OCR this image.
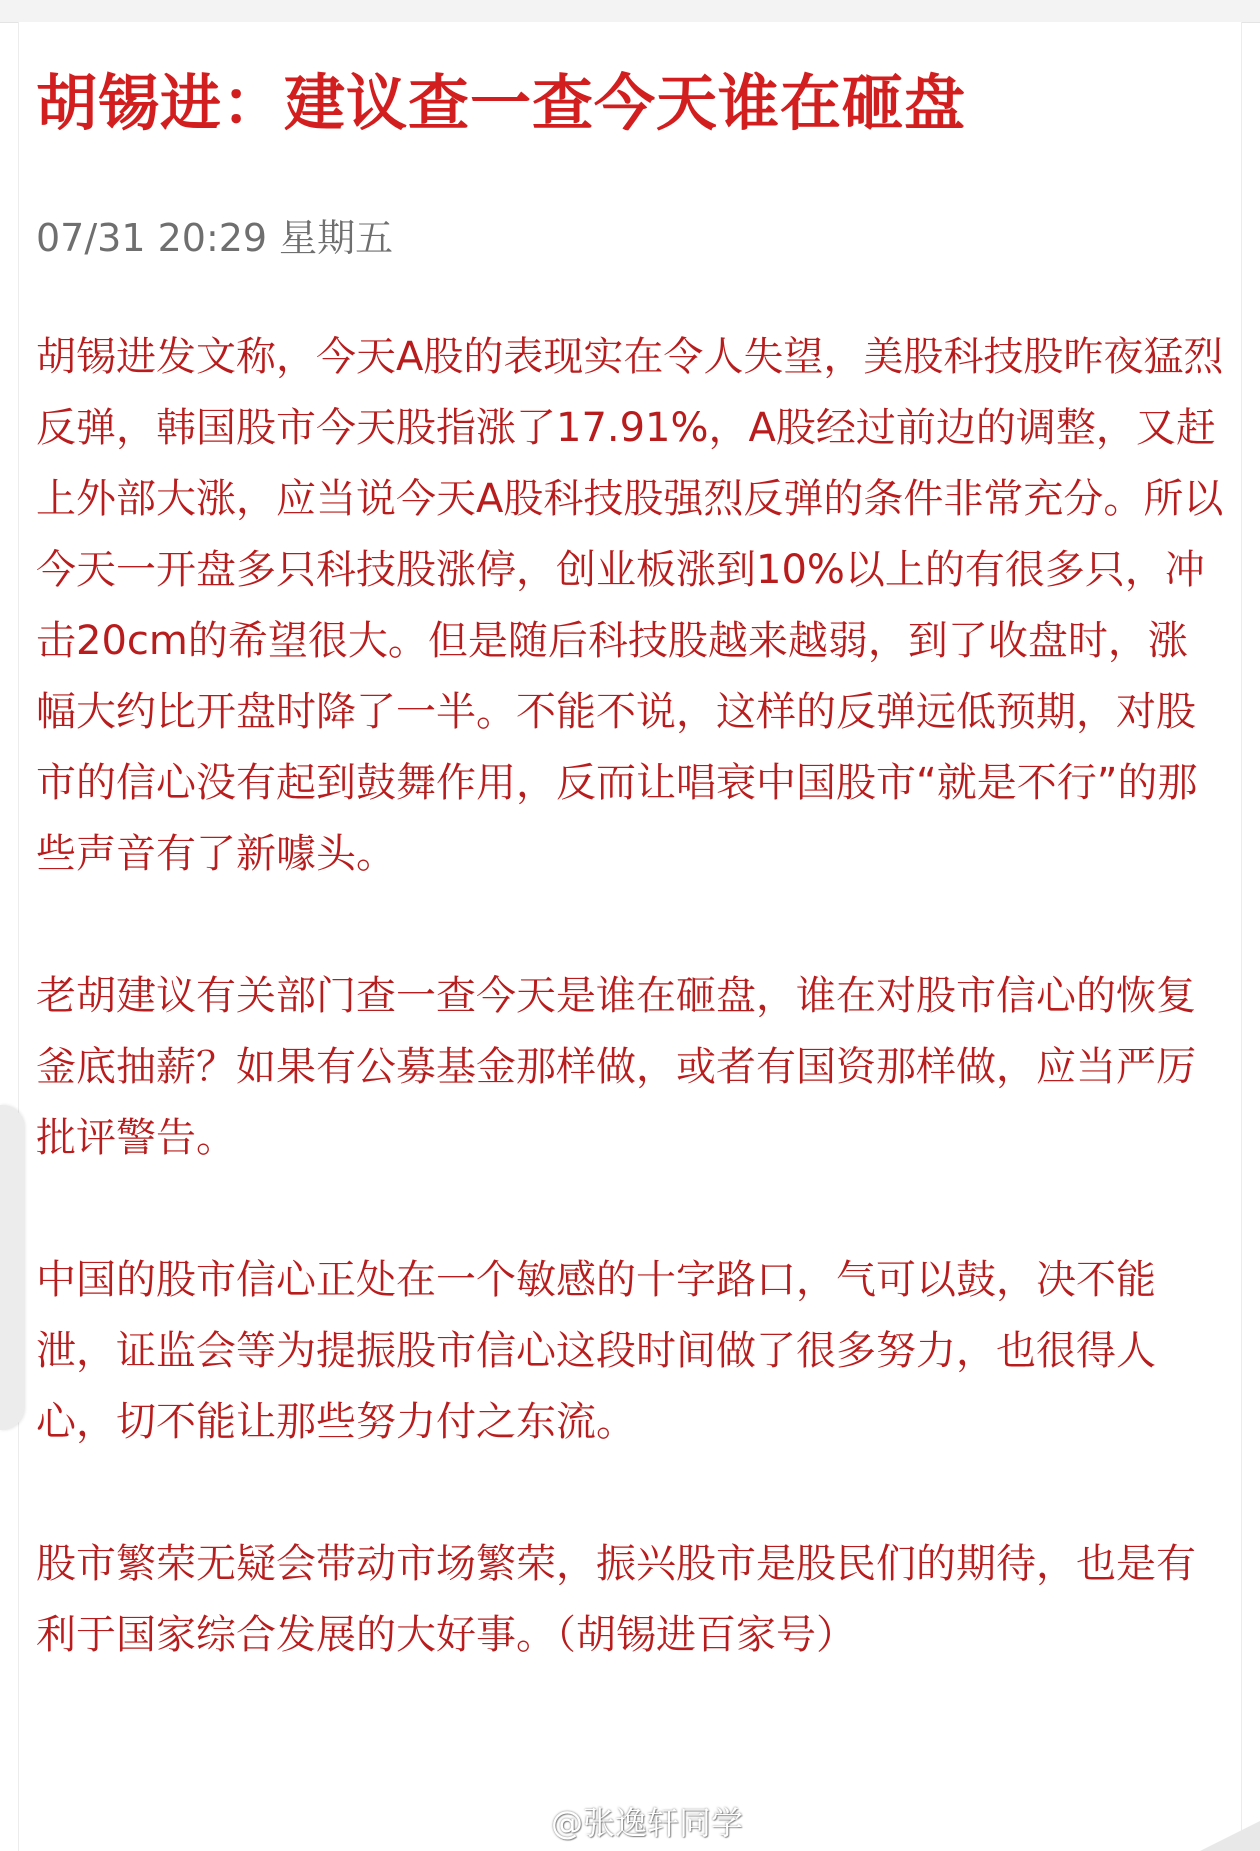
胡锡进：建议查一查今天谁在砸盘
07/31 20:29 星期五

胡锡进发文称，今天A股的表现实在令人失望，美股科技股昨夜猛烈反弹，韩国股市今天股指涨了17.91%，A股经过前边的调整，又赶上外部大涨，应当说今天A股科技股强烈反弹的条件非常充分。所以今天一开盘多只科技股涨停，创业板涨到10%以上的有很多只，冲击20cm的希望很大。但是随后科技股越来越弱，到了收盘时，涨幅大约比开盘时降了一半。不能不说，这样的反弹远低预期，对股市的信心没有起到鼓舞作用，反而让唱衰中国股市“就是不行”的那些声音有了新噱头。

老胡建议有关部门查一查今天是谁在砸盘，谁在对股市信心的恢复釜底抽薪？如果有公募基金那样做，或者有国资那样做，应当严厉批评警告。

中国的股市信心正处在一个敏感的十字路口，气可以鼓，决不能泄，证监会等为提振股市信心这段时间做了很多努力，也很得人心，切不能让那些努力付之东流。

股市繁荣无疑会带动市场繁荣，振兴股市是股民们的期待，也是有利于国家综合发展的大好事。（胡锡进百家号）

@张逸轩同学
